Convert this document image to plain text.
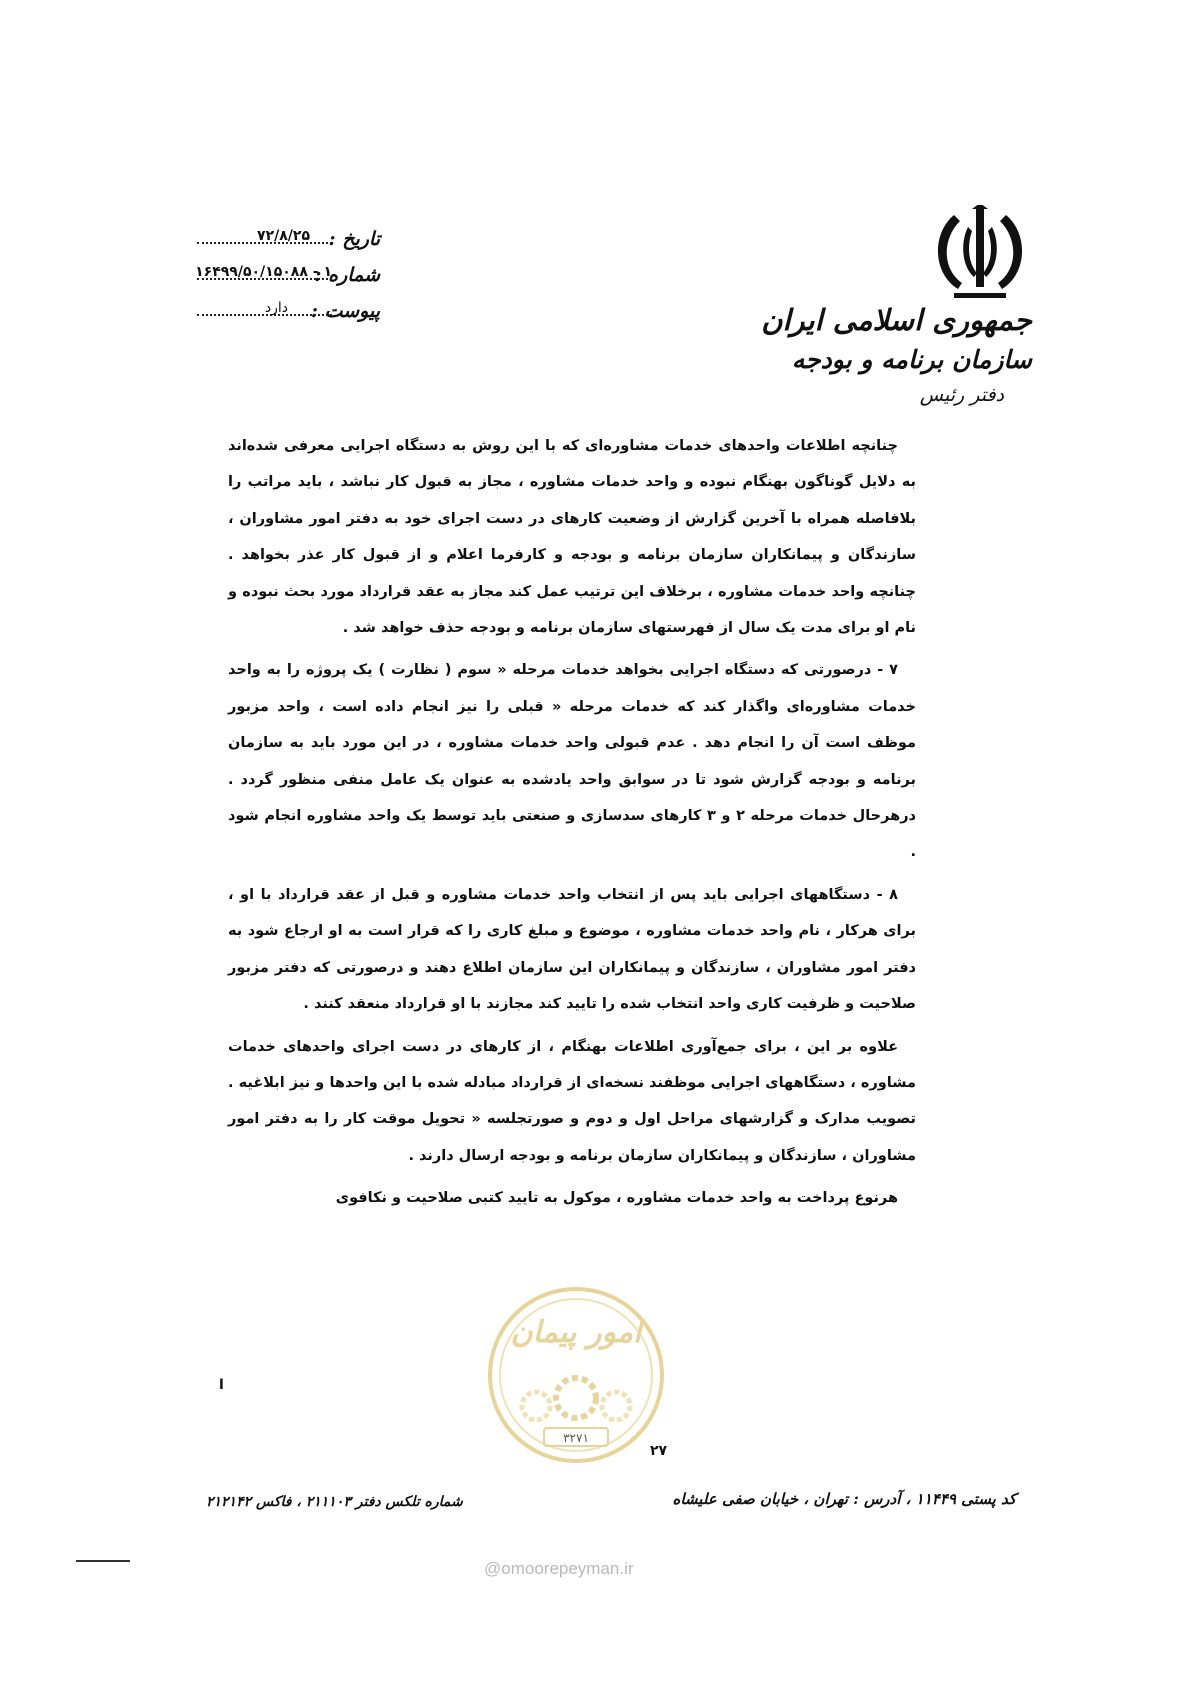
جمهوری اسلامی ایران
سازمان برنامه و بودجه
دفتر رئیس
تاریخ :
۷۲/۸/۲۵
شماره :
۱۶۴۹۹/۵۰/۱۵۰۸۸ - ۱
پیوست :
دارد

چنانچه اطلاعات واحدهای خدمات مشاوره‌ای که با این روش به دستگاه اجرایی معرفی شده‌اند به دلایل گوناگون بهنگام نبوده و واحد خدمات مشاوره ، مجاز به قبول کار نباشد ، باید مراتب را بلافاصله همراه با آخرین گزارش از وضعیت کارهای در دست اجرای خود به دفتر امور مشاوران ، سازندگان و پیمانکاران سازمان برنامه و بودجه و کارفرما اعلام و از قبول کار عذر بخواهد . چنانچه واحد خدمات مشاوره ، برخلاف این ترتیب عمل کند مجاز به عقد قرارداد مورد بحث نبوده و نام او برای مدت یک سال از فهرستهای سازمان برنامه و بودجه حذف خواهد شد .

۷ - درصورتی که دستگاه اجرایی بخواهد خدمات مرحله « سوم ( نظارت ) یک پروژه را به واحد خدمات مشاوره‌ای واگذار کند که خدمات مرحله « قبلی را نیز انجام داده است ، واحد مزبور موظف است آن را انجام دهد . عدم قبولی واحد خدمات مشاوره ، در این مورد باید به سازمان برنامه و بودجه گزارش شود تا در سوابق واحد یادشده به عنوان یک عامل منفی منظور گردد . درهرحال خدمات مرحله ۲ و ۳ کارهای سدسازی و صنعتی باید توسط یک واحد مشاوره انجام شود .

۸ - دستگاههای اجرایی باید پس از انتخاب واحد خدمات مشاوره و قبل از عقد قرارداد با او ، برای هرکار ، نام واحد خدمات مشاوره ، موضوع و مبلغ کاری را که قرار است به او ارجاع شود به دفتر امور مشاوران ، سازندگان و پیمانکاران این سازمان اطلاع دهند و درصورتی که دفتر مزبور صلاحیت و ظرفیت کاری واحد انتخاب شده را تایید کند مجازند با او قرارداد منعقد کنند .

علاوه بر این ، برای جمع‌آوری اطلاعات بهنگام ، از کارهای در دست اجرای واحدهای خدمات مشاوره ، دستگاههای اجرایی موظفند نسخه‌ای از قرارداد مبادله شده با این واحدها و نیز ابلاغیه . تصویب مدارک و گزارشهای مراحل اول و دوم و صورتجلسه « تحویل موقت کار را به دفتر امور مشاوران ، سازندگان و پیمانکاران سازمان برنامه و بودجه ارسال دارند .

هرنوع پرداخت به واحد خدمات مشاوره ، موکول به تایید کتبی صلاحیت و نکافوی

ا
امور پیمان
۳۲۷۱
۲۷
شماره تلکس دفتر ۲۱۱۱۰۳ ، فاکس ۲۱۲۱۴۲	کد پستی ۱۱۴۴۹ ، آدرس : تهران ، خیابان صفی علیشاه
@omoorepeyman.ir
